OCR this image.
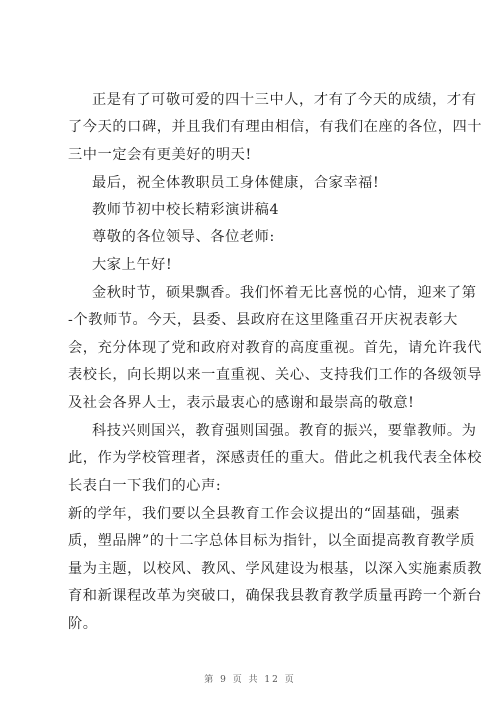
正是有了可敬可爱的四十三中人，才有了今天的成绩，才有
了今天的口碑，并且我们有理由相信，有我们在座的各位，四十
三中一定会有更美好的明天!
最后，祝全体教职员工身体健康，合家幸福!
教师节初中校长精彩演讲稿4
尊敬的各位领导、各位老师:
大家上午好!
金秋时节，硕果飘香。我们怀着无比喜悦的心情，迎来了第
-个教师节。今天，县委、县政府在这里隆重召开庆祝表彰大
会，充分体现了党和政府对教育的高度重视。首先，请允许我代
表校长，向长期以来一直重视、关心、支持我们工作的各级领导
及社会各界人士，表示最衷心的感谢和最崇高的敬意!
科技兴则国兴，教育强则国强。教育的振兴，要靠教师。为
此，作为学校管理者，深感责任的重大。借此之机我代表全体校
长表白一下我们的心声:
新的学年，我们要以全县教育工作会议提出的“固基础，强素
质，塑品牌”的十二字总体目标为指针，以全面提高教育教学质
量为主题，以校风、教风、学风建设为根基，以深入实施素质教
育和新课程改革为突破口，确保我县教育教学质量再跨一个新台
阶。
第 9 页 共 12 页
